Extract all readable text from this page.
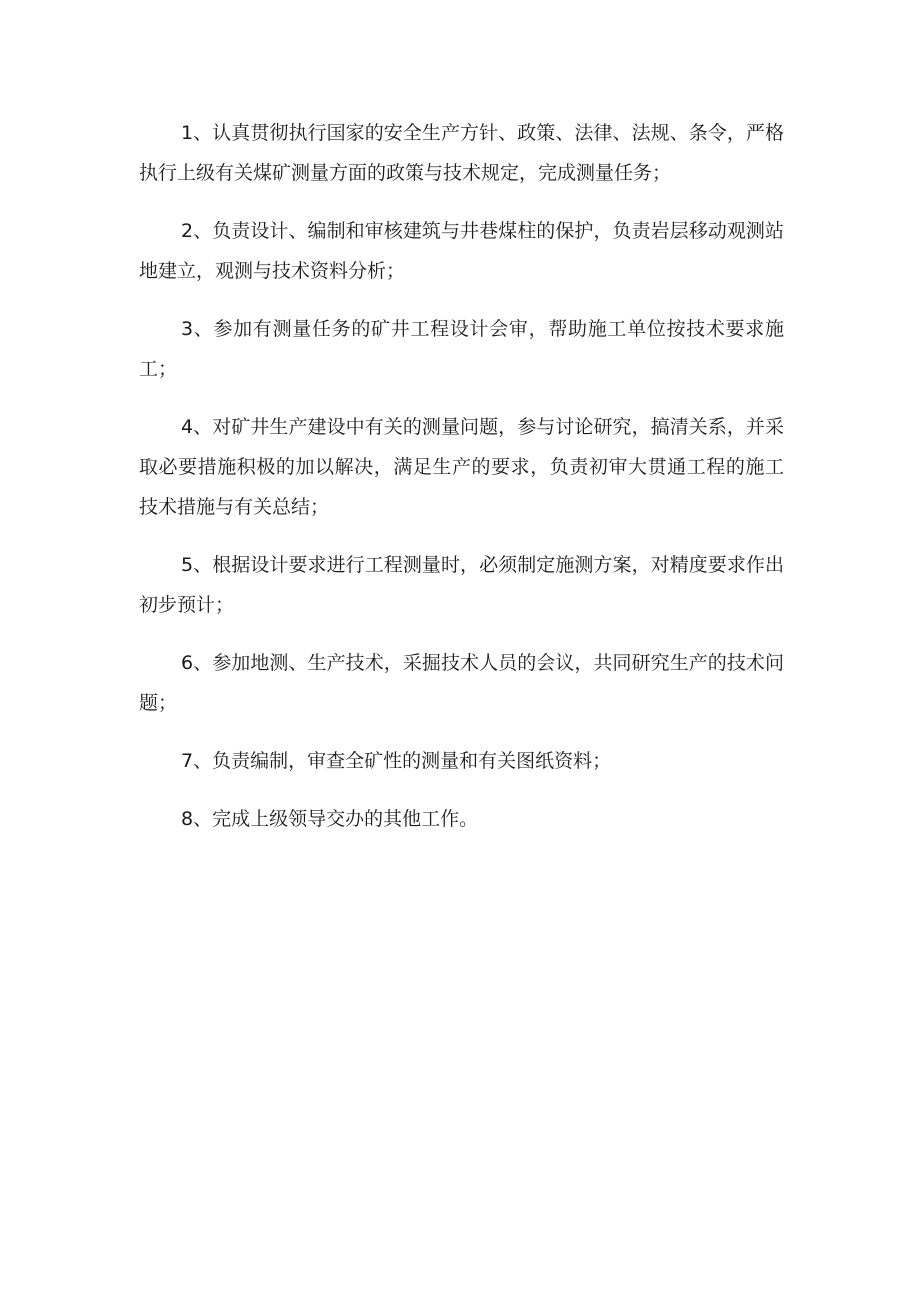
1、认真贯彻执行国家的安全生产方针、政策、法律、法规、条令，严格执行上级有关煤矿测量方面的政策与技术规定，完成测量任务；

2、负责设计、编制和审核建筑与井巷煤柱的保护，负责岩层移动观测站地建立，观测与技术资料分析；

3、参加有测量任务的矿井工程设计会审，帮助施工单位按技术要求施工；

4、对矿井生产建设中有关的测量问题，参与讨论研究，搞清关系，并采取必要措施积极的加以解决，满足生产的要求，负责初审大贯通工程的施工技术措施与有关总结；

5、根据设计要求进行工程测量时，必须制定施测方案，对精度要求作出初步预计；

6、参加地测、生产技术，采掘技术人员的会议，共同研究生产的技术问题；

7、负责编制，审查全矿性的测量和有关图纸资料；

8、完成上级领导交办的其他工作。
